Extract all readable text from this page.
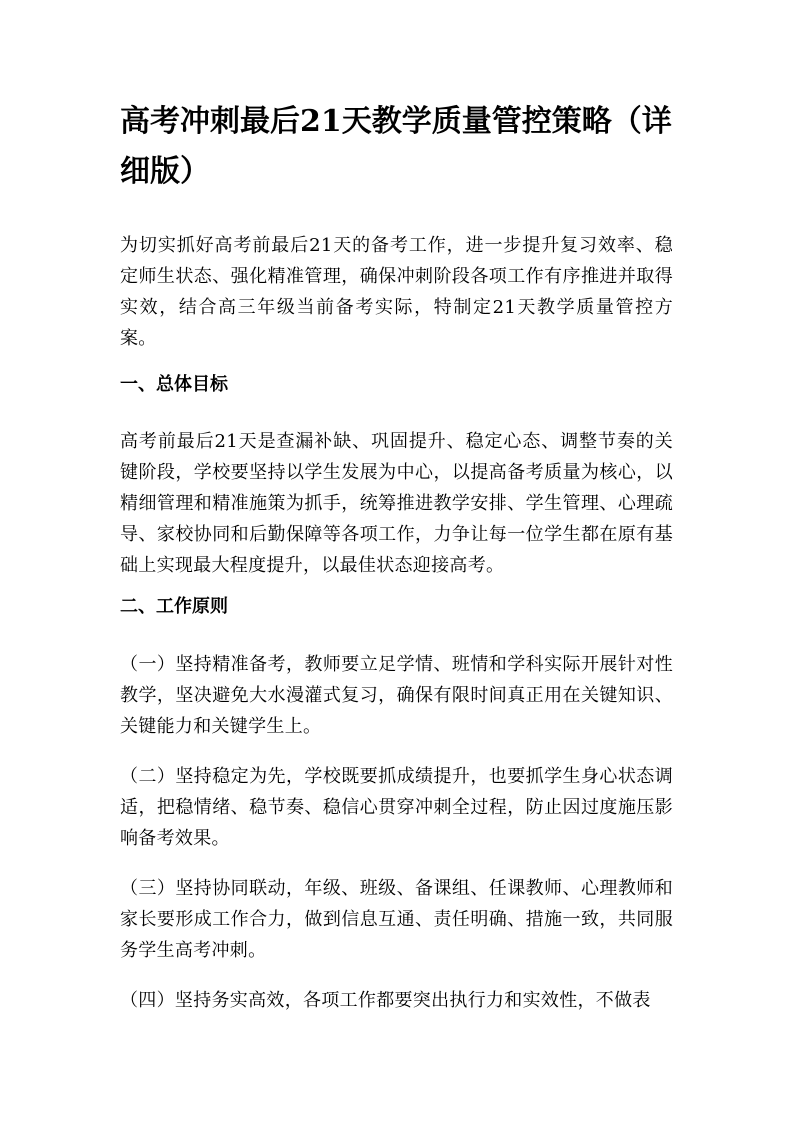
高考冲刺最后21天教学质量管控策略（详细版）

为切实抓好高考前最后21天的备考工作，进一步提升复习效率、稳定师生状态、强化精准管理，确保冲刺阶段各项工作有序推进并取得实效，结合高三年级当前备考实际，特制定21天教学质量管控方案。

一、总体目标

高考前最后21天是查漏补缺、巩固提升、稳定心态、调整节奏的关键阶段，学校要坚持以学生发展为中心，以提高备考质量为核心，以精细管理和精准施策为抓手，统筹推进教学安排、学生管理、心理疏导、家校协同和后勤保障等各项工作，力争让每一位学生都在原有基础上实现最大程度提升，以最佳状态迎接高考。

二、工作原则

（一）坚持精准备考，教师要立足学情、班情和学科实际开展针对性教学，坚决避免大水漫灌式复习，确保有限时间真正用在关键知识、关键能力和关键学生上。

（二）坚持稳定为先，学校既要抓成绩提升，也要抓学生身心状态调适，把稳情绪、稳节奏、稳信心贯穿冲刺全过程，防止因过度施压影响备考效果。

（三）坚持协同联动，年级、班级、备课组、任课教师、心理教师和家长要形成工作合力，做到信息互通、责任明确、措施一致，共同服务学生高考冲刺。

（四）坚持务实高效，各项工作都要突出执行力和实效性，不做表
